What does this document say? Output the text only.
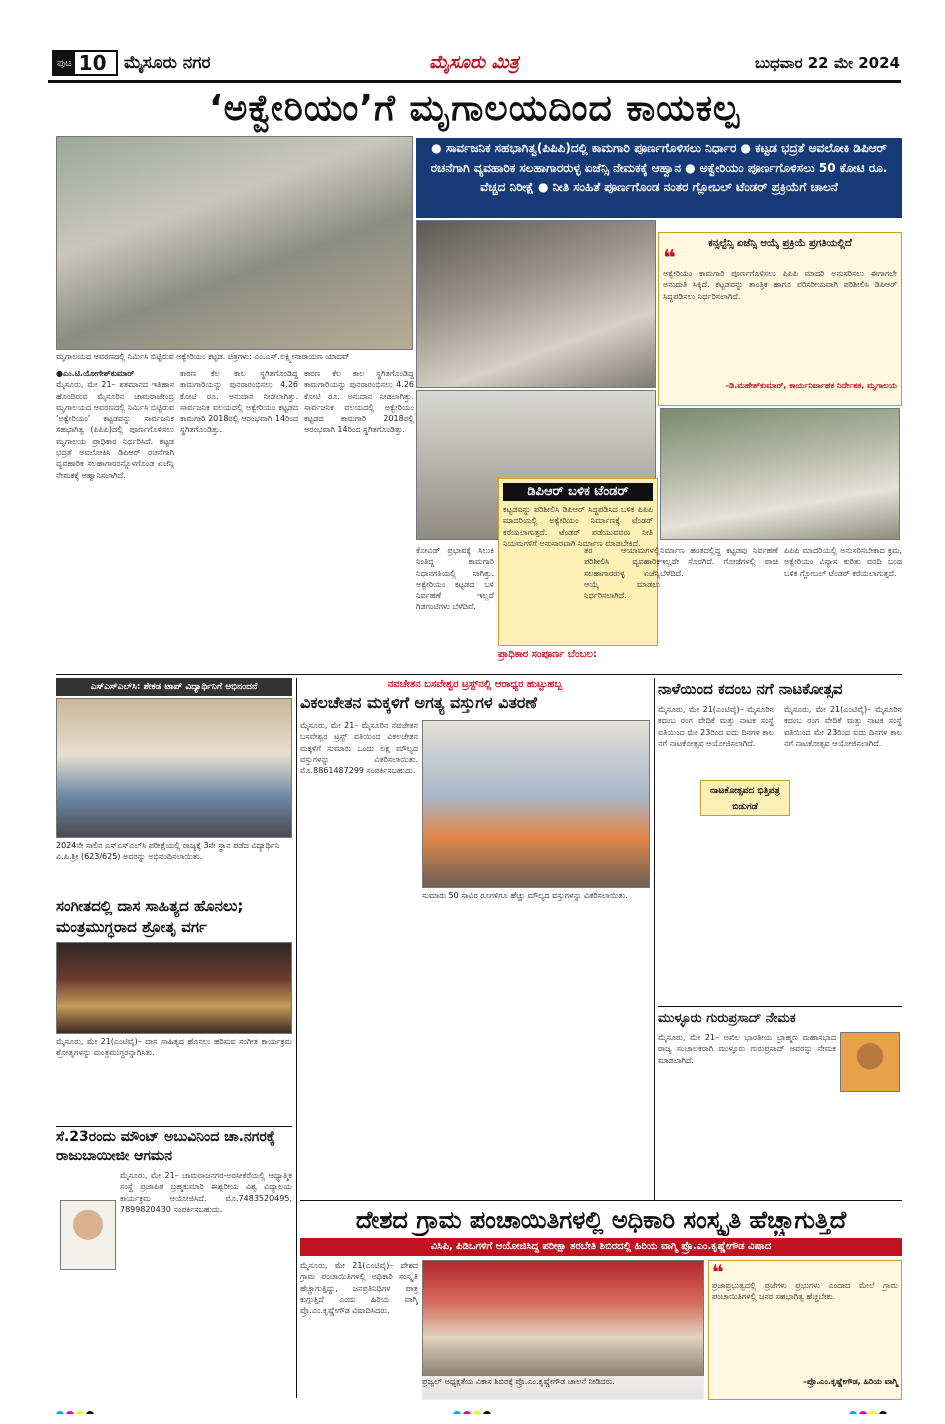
ಪುಟ 10 ಮೈಸೂರು ನಗರ	ಮೈಸೂರು ಮಿತ್ರ	ಬುಧವಾರ 22 ಮೇ 2024
‘ಅಕ್ವೇರಿಯಂ’ಗೆ ಮೃಗಾಲಯದಿಂದ ಕಾಯಕಲ್ಪ
ಮೃಗಾಲಯದ ಆವರಣದಲ್ಲಿ ನಿರ್ಮಿಸಿ ಬಿಟ್ಟಿರುವ ಅಕ್ವೇರಿಯಂ ಕಟ್ಟಡ. ಚಿತ್ರಗಳು: ಎಂ.ಎಸ್.ಲಕ್ಷ್ಮೀನಾರಾಯಣ ಯಾದವ್
● ಸಾರ್ವಜನಿಕ ಸಹಭಾಗಿತ್ವ(ಪಿಪಿಪಿ)ದಲ್ಲಿ ಕಾಮಗಾರಿ ಪೂರ್ಣಗೊಳಿಸಲು ನಿರ್ಧಾರ ● ಕಟ್ಟಡ ಭದ್ರತೆ ಅವಲೋಕಿ ಡಿಪಿಆರ್ ರಚನೆಗಾಗಿ ವ್ಯವಹಾರಿಕ ಸಲಹಾಗಾರರುಳ್ಳ ಏಜೆನ್ಸಿ ನೇಮಕಕ್ಕೆ ಆಹ್ವಾನ ● ಅಕ್ವೇರಿಯಂ ಪೂರ್ಣಗೊಳಿಸಲು 50 ಕೋಟಿ ರೂ. ವೆಚ್ಚದ ನಿರೀಕ್ಷೆ ● ನೀತಿ ಸಂಹಿತೆ ಪೂರ್ಣಗೊಂಡ ನಂತರ ಗ್ಲೋಬಲ್ ಟೆಂಡರ್ ಪ್ರಕ್ರಿಯೆಗೆ ಚಾಲನೆ
ಕನ್ಸಲ್ಟೆನ್ಸಿ ಏಜೆನ್ಸಿ ಆಯ್ಕೆ ಪ್ರಕ್ರಿಯೆ ಪ್ರಗತಿಯಲ್ಲಿದೆ
❝
ಅಕ್ವೇರಿಯಂ ಕಾಮಗಾರಿ ಪೂರ್ಣಗೊಳಿಸಲು ಪಿಪಿಪಿ ಮಾದರಿ ಅನುಸರಿಸಲು ಈಗಾಗಲೇ ಅನುಮತಿ ಸಿಕ್ಕಿದೆ. ಕಟ್ಟಡವನ್ನು ತಾಂತ್ರಿಕ ಹಾಗೂ ಪರಿಸರೀಯವಾಗಿ ಪರಿಶೀಲಿಸಿ ಡಿಪಿಆರ್ ಸಿದ್ಧಪಡಿಸಲು ನಿರ್ಧರಿಸಲಾಗಿದೆ.
–ಡಿ.ಮಹೇಶ್‌ಕುಮಾರ್, ಕಾರ್ಯನಿರ್ವಾಹಕ ನಿರ್ದೇಶಕ, ಮೃಗಾಲಯ
●ಎಂ.ಟಿ.ಯೋಗೇಶ್‌ಕುಮಾರ್
ಮೈಸೂರು, ಮೇ 21– ಶತಮಾನದ ಇತಿಹಾಸ ಹೊಂದಿರುವ ಮೈಸೂರಿನ ಚಾಮರಾಜೇಂದ್ರ ಮೃಗಾಲಯದ ಆವರಣದಲ್ಲಿ ನಿರ್ಮಿಸಿ ಬಿಟ್ಟಿರುವ ‘ಅಕ್ವೇರಿಯಂ’ ಕಟ್ಟಡವನ್ನು ಸಾರ್ವಜನಿಕ ಸಹಭಾಗಿತ್ವ (ಪಿಪಿಪಿ)ದಲ್ಲಿ ಪೂರ್ಣಗೊಳಿಸಲು ಮೃಗಾಲಯ ಪ್ರಾಧಿಕಾರ ನಿರ್ಧರಿಸಿದೆ. ಕಟ್ಟಡ ಭದ್ರತೆ ಅವಲೋಕಿಸಿ ಡಿಪಿಆರ್ ರಚನೆಗಾಗಿ ವ್ಯವಹಾರಿಕ ಸಲಹಾಗಾರರನ್ನೊಳಗೊಂಡ ಏಜೆನ್ಸಿ ನೇಮಕಕ್ಕೆ ಆಹ್ವಾನಿಸಲಾಗಿದೆ.
ಕಾರಣ ಕೆಲ ಕಾಲ ಸ್ಥಗಿತಗೊಂಡಿದ್ದ ಕಾಮಗಾರಿಯನ್ನು ಪುನರಾರಂಭಿಸಲು 4.26 ಕೋಟಿ ರೂ. ಅನುದಾನ ನೀಡಲಾಗಿತ್ತು. ಸಾರ್ವಜನಿಕ ವಲಯದಲ್ಲಿ ಅಕ್ವೇರಿಯಂ ಕಟ್ಟಡದ ಕಾಮಗಾರಿ 2018ರಲ್ಲಿ ಆರಂಭವಾಗಿ 14ರಿಂದ ಸ್ಥಗಿತಗೊಂಡಿತ್ತು.
ಕಾರಣ ಕೆಲ ಕಾಲ ಸ್ಥಗಿತಗೊಂಡಿದ್ದ ಕಾಮಗಾರಿಯನ್ನು ಪುನರಾರಂಭಿಸಲು 4.26 ಕೋಟಿ ರೂ. ಅನುದಾನ ನೀಡಲಾಗಿತ್ತು. ಸಾರ್ವಜನಿಕ ವಲಯದಲ್ಲಿ ಅಕ್ವೇರಿಯಂ ಕಟ್ಟಡದ ಕಾಮಗಾರಿ 2018ರಲ್ಲಿ ಆರಂಭವಾಗಿ 14ರಿಂದ ಸ್ಥಗಿತಗೊಂಡಿತ್ತು.
ಡಿಪಿಆರ್ ಬಳಿಕ ಟೆಂಡರ್
ಕಟ್ಟಡವನ್ನು ಪರಿಶೀಲಿಸಿ ಡಿಪಿಆರ್ ಸಿದ್ಧಪಡಿಸಿದ ಬಳಿಕ ಪಿಪಿಪಿ ಮಾದರಿಯಲ್ಲಿ ಅಕ್ವೇರಿಯಂ ನಿರ್ಮಾಣಕ್ಕೆ ಟೆಂಡರ್ ಕರೆಯಲಾಗುತ್ತದೆ. ಟೆಂಡರ್ ಪಡೆಯುವವರು ನೀತಿ ನಿಯಮಗಳಿಗೆ ಅನುಸಾರವಾಗಿ ನಿರ್ಮಾಣ ಮಾಡಬೇಕಿದೆ.
ಕೋವಿಡ್ ಪ್ರಭಾವಕ್ಕೆ ಸಿಲುಕಿ ನಿಂತಿದ್ದ ಕಾಮಗಾರಿ ನಿಧಾನಗತಿಯಲ್ಲಿ ಸಾಗಿತ್ತು. ಅಕ್ವೇರಿಯಂ ಕಟ್ಟಡದ ಬಳಿ ನಿರ್ವಹಣೆ ಇಲ್ಲದೆ ಗಿಡಗಂಟಿಗಳು ಬೆಳೆದಿವೆ.
ಪ್ರಾಧಿಕಾರ ಸಂಪೂರ್ಣ ಬೆಂಬಲ:
ತರ ಆಯಾಮಗಳಲ್ಲಿ ಪರಿಶೀಲಿಸಿ ವ್ಯವಹಾರಿಕ ಸಲಹಾಗಾರರುಳ್ಳ ಏಜೆನ್ಸಿ ಆಯ್ಕೆ ಮಾಡಲು ನಿರ್ಧರಿಸಲಾಗಿದೆ.
ನಿರ್ಮಾಣ ಹಂತದಲ್ಲಿದ್ದ ಕಟ್ಟಡವು ನಿರ್ವಹಣೆ ಇಲ್ಲದೇ ಸೊರಗಿದೆ. ಗೋಡೆಗಳಲ್ಲಿ ಪಾಚಿ ಬೆಳೆದಿದೆ.
ಪಿಪಿಪಿ ಮಾದರಿಯಲ್ಲಿ ಅನುಸರಿಸಬೇಕಾದ ಕ್ರಮ, ಅಕ್ವೇರಿಯಂ ವಿನ್ಯಾಸ ಕುರಿತು ವರದಿ ಬಂದ ಬಳಿಕ ಗ್ಲೋಬಲ್ ಟೆಂಡರ್ ಕರೆಯಲಾಗುತ್ತದೆ.
ಎಸ್‌ಎಸ್‌ಎಲ್‌ಸಿ: ಶೇಕಡ ಟಾಪ್ ವಿದ್ಯಾರ್ಥಿನಿಗೆ ಅಭಿನಂದನೆ
2024ನೇ ಸಾಲಿನ ಎಸ್‌ಎಸ್‌ಎಲ್‌ಸಿ ಪರೀಕ್ಷೆಯಲ್ಲಿ ರಾಜ್ಯಕ್ಕೆ 3ನೇ ಸ್ಥಾನ ಪಡೆದ ವಿದ್ಯಾರ್ಥಿನಿ ವಿ.ಪಿ.ಶ್ರೀ (623/625) ಅವರನ್ನು ಅಭಿನಂದಿಸಲಾಯಿತು.
ಸಂಗೀತದಲ್ಲಿ ದಾಸ ಸಾಹಿತ್ಯದ ಹೊನಲು; ಮಂತ್ರಮುಗ್ಧರಾದ ಶ್ರೋತೃ ವರ್ಗ
ಮೈಸೂರು, ಮೇ 21(ಎಂಟಿವೈ)– ದಾಸ ಸಾಹಿತ್ಯದ ಹೊನಲು ಹರಿಸುವ ಸಂಗೀತ ಕಾರ್ಯಕ್ರಮ ಶ್ರೋತೃಗಳನ್ನು ಮಂತ್ರಮುಗ್ಧರನ್ನಾಗಿಸಿತು.
ಸೆ.23ರಂದು ಮೌಂಟ್ ಅಬುವಿನಿಂದ ಚಾ.ನಗರಕ್ಕೆ ರಾಜುಬಾಯೀಜೀ ಆಗಮನ
ಮೈಸೂರು, ಮೇ 21– ಚಾಮರಾಜನಗರ-ಅರಸೀಕೆರೆಯಲ್ಲಿ ಆಧ್ಯಾತ್ಮಿಕ ಸಂಸ್ಥೆ ಪ್ರಜಾಪಿತ ಬ್ರಹ್ಮಕುಮಾರಿ ಈಶ್ವರೀಯ ವಿಶ್ವ ವಿದ್ಯಾಲಯ ಕಾರ್ಯಕ್ರಮ ಆಯೋಜಿಸಿದೆ. ಮೊ.7483520495, 7899820430 ಸಂಪರ್ಕಿಸಬಹುದು.
ನವಚೇತನ ಬಸವೇಶ್ವರ ಟ್ರಸ್ಟ್‌ನಲ್ಲಿ ಆರಾಧ್ಯರ ಹುಟ್ಟುಹಬ್ಬ
ವಿಕಲಚೇತನ ಮಕ್ಕಳಿಗೆ ಅಗತ್ಯ ವಸ್ತುಗಳ ವಿತರಣೆ
ಮೈಸೂರು, ಮೇ 21– ಮೈಸೂರಿನ ನವಚೇತನ ಬಸವೇಶ್ವರ ಟ್ರಸ್ಟ್ ವತಿಯಿಂದ ವಿಕಲಚೇತನ ಮಕ್ಕಳಿಗೆ ಸುಮಾರು ಒಂದು ಲಕ್ಷ ಮೌಲ್ಯದ ವಸ್ತುಗಳನ್ನು ವಿತರಿಸಲಾಯಿತು. ಮೊ.8861487299 ಸಂಪರ್ಕಿಸಬಹುದು.
ಸುಮಾರು 50 ಸಾವಿರ ರೂಗಳಿಗೂ ಹೆಚ್ಚು ಮೌಲ್ಯದ ವಸ್ತುಗಳನ್ನು ವಿತರಿಸಲಾಯಿತು.
ನಾಳೆಯಿಂದ ಕದಂಬ ನಗೆ ನಾಟಕೋತ್ಸವ
ಮೈಸೂರು, ಮೇ 21(ಎಂಟಿವೈ)– ಮೈಸೂರಿನ ಕದಂಬ ರಂಗ ವೇದಿಕೆ ಮತ್ತು ನಾಟಕ ಸಂಸ್ಥೆ ವತಿಯಿಂದ ಮೇ 23ರಿಂದ ಐದು ದಿನಗಳ ಕಾಲ ನಗೆ ನಾಟಕೋತ್ಸವ ಆಯೋಜಿಸಲಾಗಿದೆ.
ನಾಟಕೋತ್ಸವದ ಭಿತ್ತಿಪತ್ರ ಬಿಡುಗಡೆ
ಮೈಸೂರು, ಮೇ 21(ಎಂಟಿವೈ)– ಮೈಸೂರಿನ ಕದಂಬ ರಂಗ ವೇದಿಕೆ ಮತ್ತು ನಾಟಕ ಸಂಸ್ಥೆ ವತಿಯಿಂದ ಮೇ 23ರಿಂದ ಐದು ದಿನಗಳ ಕಾಲ ನಗೆ ನಾಟಕೋತ್ಸವ ಆಯೋಜಿಸಲಾಗಿದೆ.
ಮುಳ್ಳೂರು ಗುರುಪ್ರಸಾದ್ ನೇಮಕ
ಮೈಸೂರು, ಮೇ 21– ಅಖಿಲ ಭಾರತೀಯ ಬ್ರಾಹ್ಮಣ ಮಹಾಸಭಾದ ರಾಜ್ಯ ಸಂಚಾಲಕರಾಗಿ ಮುಳ್ಳೂರು ಗುರುಪ್ರಸಾದ್ ಅವರನ್ನು ನೇಮಕ ಮಾಡಲಾಗಿದೆ.
ದೇಶದ ಗ್ರಾಮ ಪಂಚಾಯಿತಿಗಳಲ್ಲಿ ಅಧಿಕಾರಿ ಸಂಸ್ಕೃತಿ ಹೆಚ್ಚಾಗುತ್ತಿದೆ
ವಿಸಿಪಿ, ಪಿಡಿಒಗಳಿಗೆ ಆಯೋಜಿಸಿದ್ದ ಪರೀಕ್ಷಾ ತರಬೇತಿ ಶಿಬಿರದಲ್ಲಿ ಹಿರಿಯ ವಾಗ್ಮಿ ಪ್ರೊ.ಎಂ.ಕೃಷ್ಣೇಗೌಡ ವಿಷಾದ
ಮೈಸೂರು, ಮೇ 21(ಎಂಟಿವೈ)– ದೇಶದ ಗ್ರಾಮ ಪಂಚಾಯಿತಿಗಳಲ್ಲಿ ಅಧಿಕಾರಿ ಸಂಸ್ಕೃತಿ ಹೆಚ್ಚಾಗುತ್ತಿದ್ದು, ಜನಪ್ರತಿನಿಧಿಗಳ ಪಾತ್ರ ಕುಗ್ಗುತ್ತಿದೆ ಎಂದು ಹಿರಿಯ ವಾಗ್ಮಿ ಪ್ರೊ.ಎಂ.ಕೃಷ್ಣೇಗೌಡ ವಿಷಾದಿಸಿದರು.
ಪ್ರಜ್ವಲ್ ಅಧ್ಯಕ್ಷತೆಯ ವಿಕಾಸ ಶಿಬಿರಕ್ಕೆ ಪ್ರೊ.ಎಂ.ಕೃಷ್ಣೇಗೌಡ ಚಾಲನೆ ನೀಡಿದರು.
❝
ಪ್ರಜಾಪ್ರಭುತ್ವದಲ್ಲಿ ಪ್ರಜೆಗಳು ಪ್ರಭುಗಳು ಎಂದಾದ ಮೇಲೆ ಗ್ರಾಮ ಪಂಚಾಯಿತಿಗಳಲ್ಲಿ ಜನರ ಸಹಭಾಗಿತ್ವ ಹೆಚ್ಚಬೇಕು.
–ಪ್ರೊ.ಎಂ.ಕೃಷ್ಣೇಗೌಡ, ಹಿರಿಯ ವಾಗ್ಮಿ
